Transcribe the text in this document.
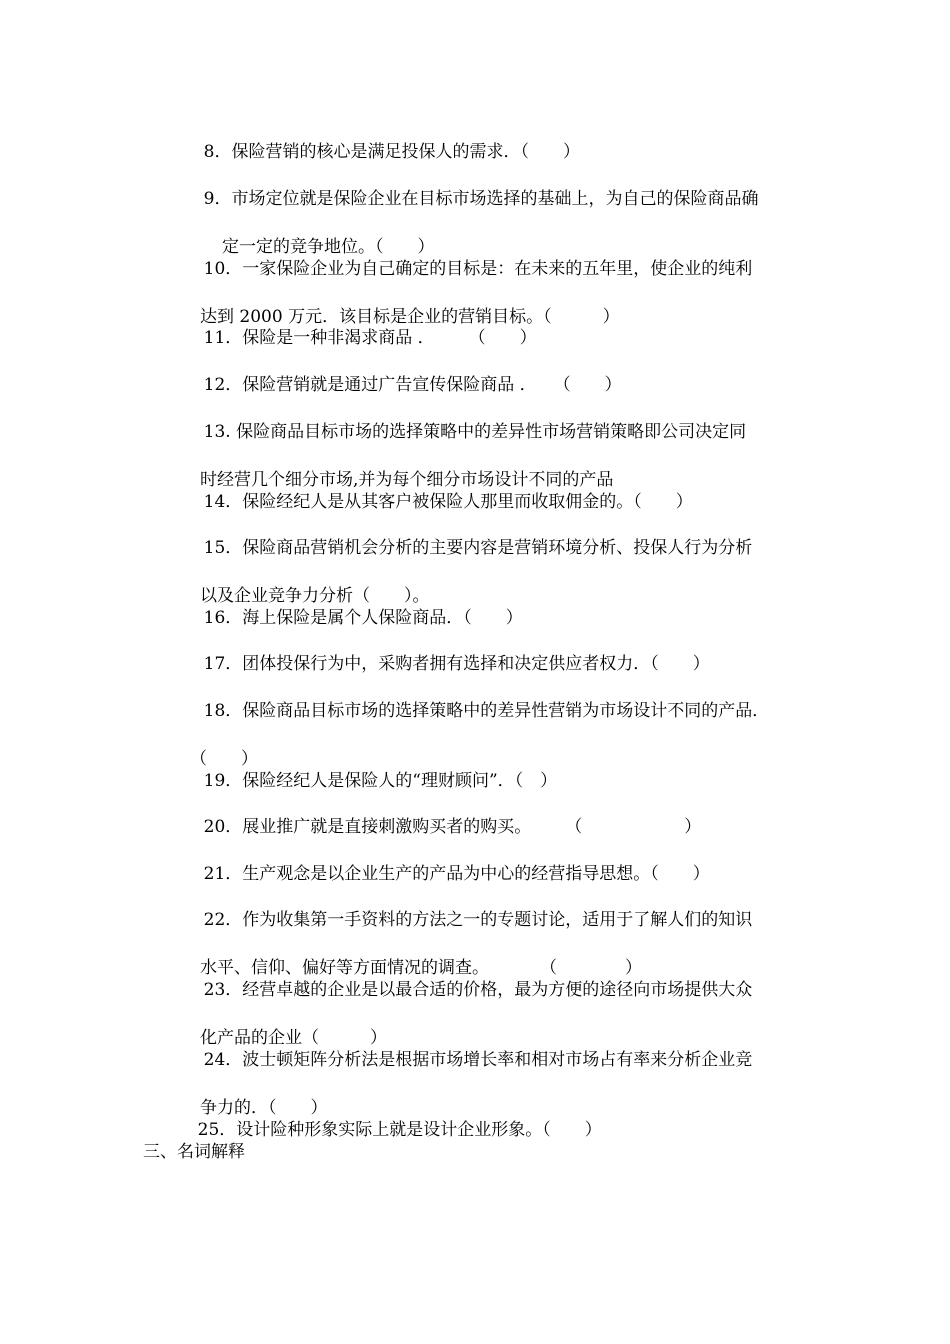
8．保险营销的核心是满足投保人的需求．（　　）

9．市场定位就是保险企业在目标市场选择的基础上，为自己的保险商品确

定一定的竞争地位。（　　）

10．一家保险企业为自己确定的目标是：在未来的五年里，使企业的纯利

达到 2000 万元．该目标是企业的营销目标。（　　　）

11．保险是一种非渴求商品 ．　　　（　　）

12．保险营销就是通过广告宣传保险商品 ．　　（　　）

13. 保险商品目标市场的选择策略中的差异性市场营销策略即公司决定同

时经营几个细分市场,并为每个细分市场设计不同的产品

14．保险经纪人是从其客户被保险人那里而收取佣金的。（　　）

15．保险商品营销机会分析的主要内容是营销环境分析、投保人行为分析

以及企业竞争力分析（　　）。

16．海上保险是属个人保险商品．（　　）

17．团体投保行为中，采购者拥有选择和决定供应者权力．（　　）

18．保险商品目标市场的选择策略中的差异性营销为市场设计不同的产品．

（　　）

19．保险经纪人是保险人的“理财顾问”．（　）

20．展业推广就是直接刺激购买者的购买。　　　（　　　　　　）

21．生产观念是以企业生产的产品为中心的经营指导思想。（　　）

22．作为收集第一手资料的方法之一的专题讨论，适用于了解人们的知识

水平、信仰、偏好等方面情况的调查。　　　　（　　　　）

23．经营卓越的企业是以最合适的价格，最为方便的途径向市场提供大众

化产品的企业（　　　）

24．波士顿矩阵分析法是根据市场增长率和相对市场占有率来分析企业竞

争力的．（　　）

25．设计险种形象实际上就是设计企业形象。（　　）

三、名词解释
